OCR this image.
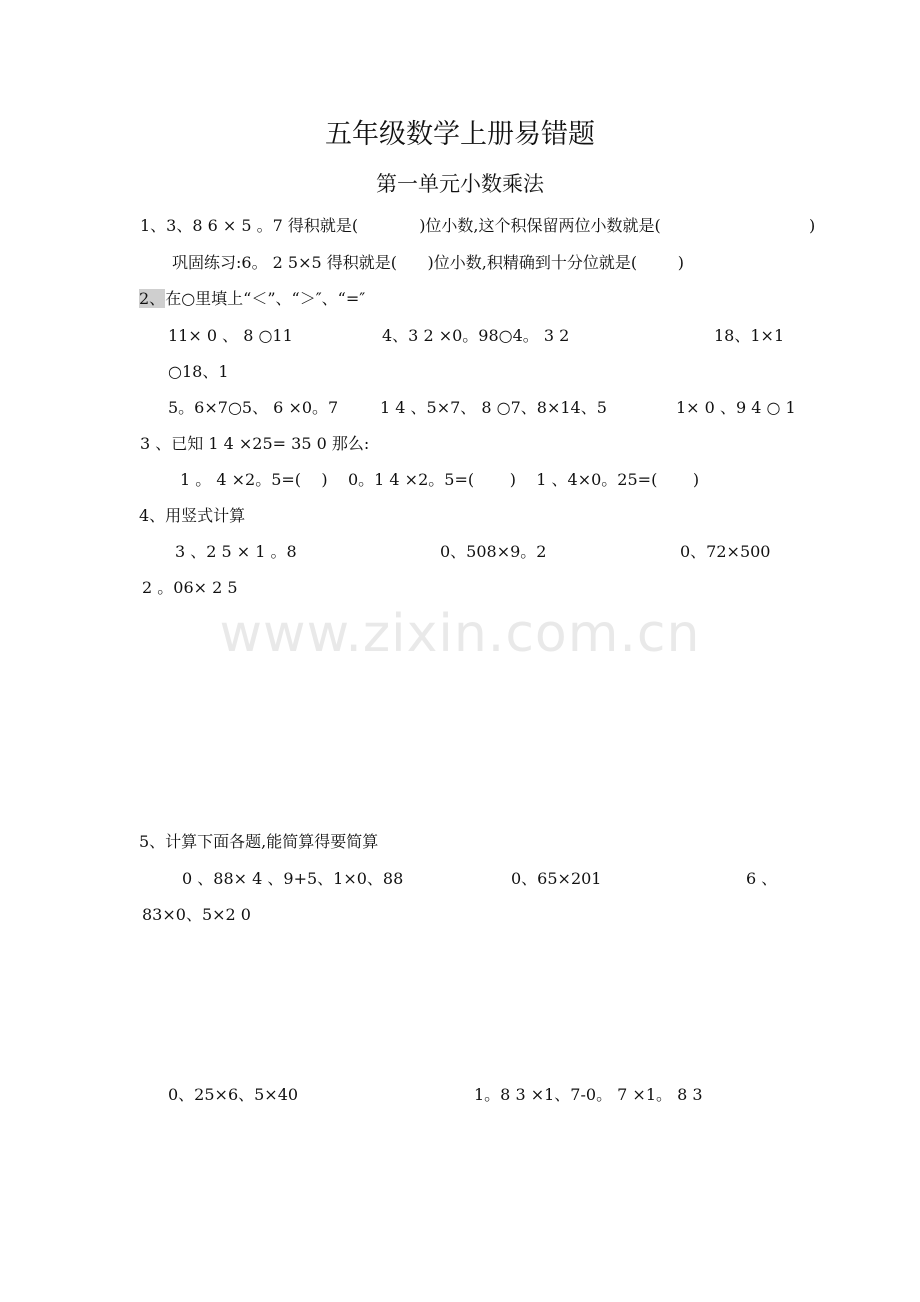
www.zixin.com.cn
五年级数学上册易错题
第一单元小数乘法
1、3、8 6 × 5 。7 得积就是(            )位小数,这个积保留两位小数就是(	)
巩固练习:6。 2 5×5 得积就是(      )位小数,积精确到十分位就是(        )
2、在○里填上“＜”、“＞″、“=″
11× 0 、 8 ○11	4、3 2 ×0。98○4。 3 2	18、1×1
○18、1
5。6×7○5、 6 ×0。7	1 4 、5×7、 8 ○7、8×14、5	1× 0 、9 4 ○ 1
3 、已知 1 4 ×25= 35 0 那么:
1 。 4 ×2。5=(    )    0。1 4 ×2。5=(       )    1 、4×0。25=(       )
4、用竖式计算
3 、2 5 × 1 。8	0、508×9。2	0、72×500
2 。06× 2 5
5、计算下面各题,能简算得要简算
0 、88× 4 、9+5、1×0、88	0、65×201	6 、
83×0、5×2 0
0、25×6、5×40	1。8 3 ×1、7-0。 7 ×1。 8 3
